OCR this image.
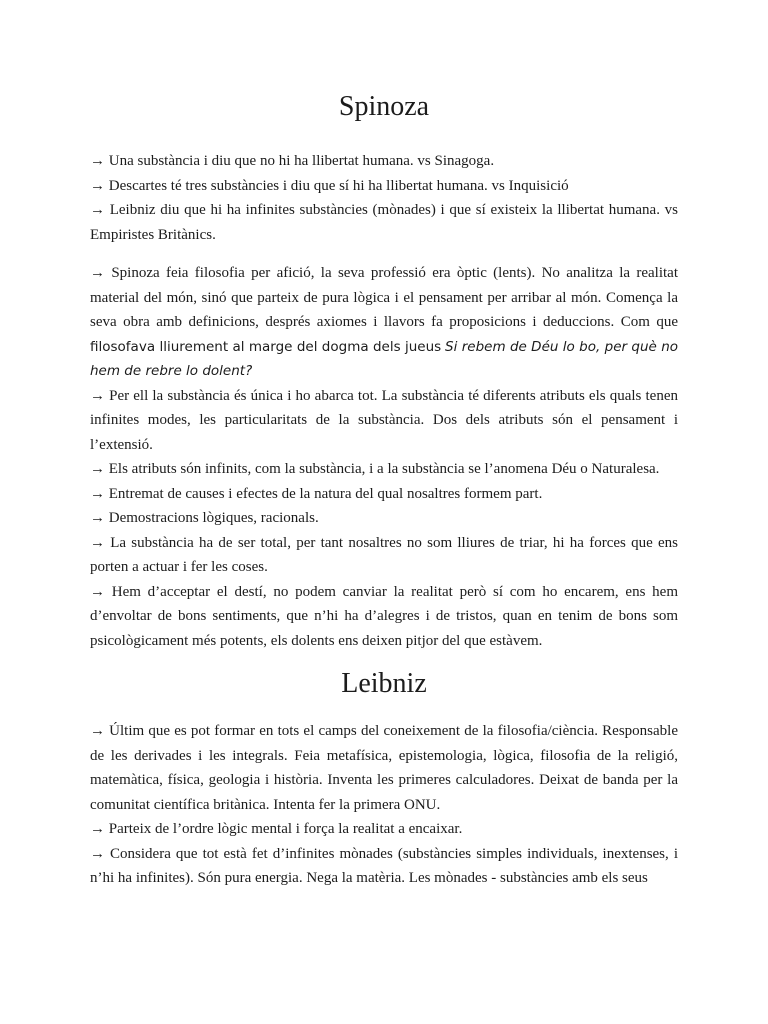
Spinoza

→ Una substància i diu que no hi ha llibertat humana. vs Sinagoga.

→ Descartes té tres substàncies i diu que sí hi ha llibertat humana. vs Inquisició

→ Leibniz diu que hi ha infinites substàncies (mònades) i que sí existeix la llibertat humana. vs Empiristes Britànics.

→ Spinoza feia filosofia per afició, la seva professió era òptic (lents). No analitza la realitat material del món, sinó que parteix de pura lògica i el pensament per arribar al món. Comença la seva obra amb definicions, després axiomes i llavors fa proposicions i deduccions. Com que filosofava lliurement al marge del dogma dels jueus Si rebem de Déu lo bo, per què no hem de rebre lo dolent?

→ Per ell la substància és única i ho abarca tot. La substància té diferents atributs els quals tenen infinites modes, les particularitats de la substància. Dos dels atributs són el pensament i l’extensió.

→ Els atributs són infinits, com la substància, i a la substància se l’anomena Déu o Naturalesa.

→ Entremat de causes i efectes de la natura del qual nosaltres formem part.

→ Demostracions lògiques, racionals.

→ La substància ha de ser total, per tant nosaltres no som lliures de triar, hi ha forces que ens porten a actuar i fer les coses.

→ Hem d’acceptar el destí, no podem canviar la realitat però sí com ho encarem, ens hem d’envoltar de bons sentiments, que n’hi ha d’alegres i de tristos, quan en tenim de bons som psicològicament més potents, els dolents ens deixen pitjor del que estàvem.

Leibniz

→ Últim que es pot formar en tots el camps del coneixement de la filosofia/ciència. Responsable de les derivades i les integrals. Feia metafísica, epistemologia, lògica, filosofia de la religió, matemàtica, física, geologia i història. Inventa les primeres calculadores. Deixat de banda per la comunitat científica britànica. Intenta fer la primera ONU.

→ Parteix de l’ordre lògic mental i força la realitat a encaixar.

→ Considera que tot està fet d’infinites mònades (substàncies simples individuals, inextenses, i n’hi ha infinites). Són pura energia. Nega la matèria. Les mònades - substàncies amb els seus
